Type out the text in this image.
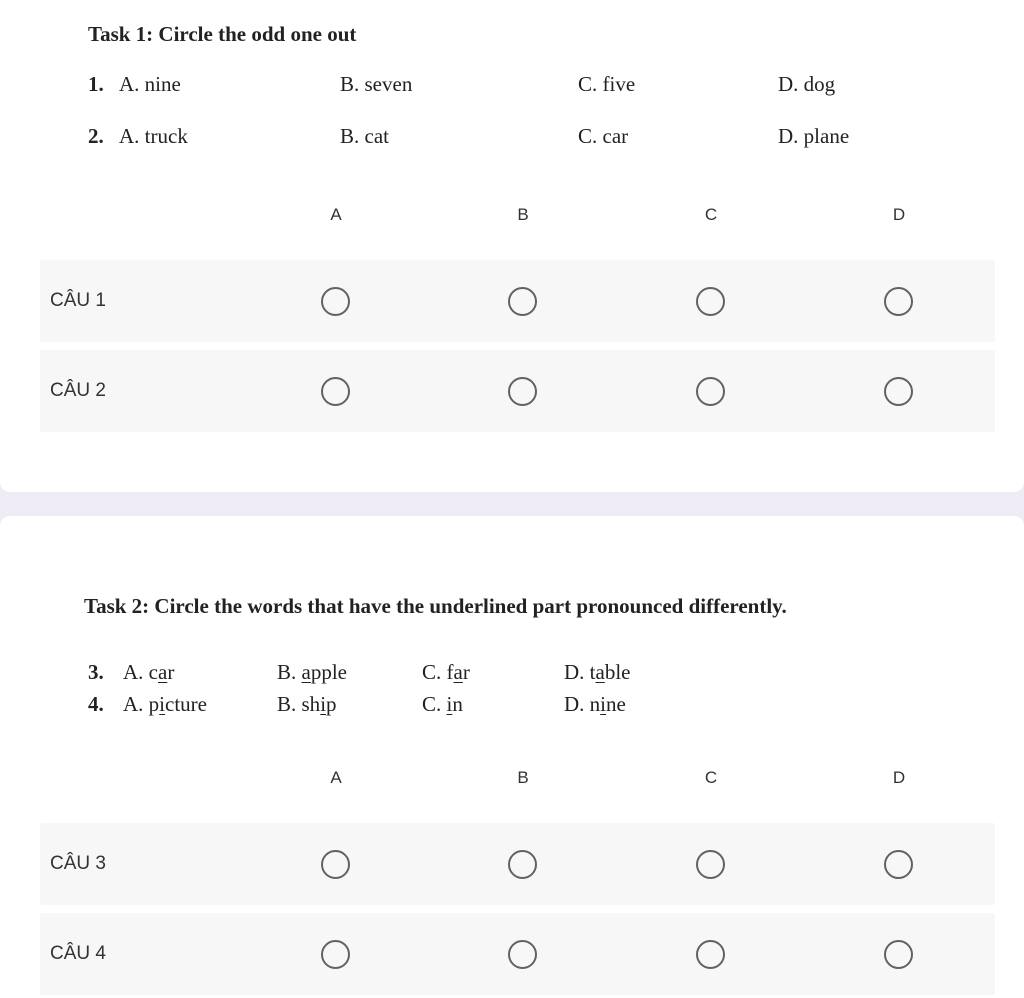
Task 1: Circle the odd one out
1. A. nine	B. seven	C. five	D. dog
2. A. truck	B. cat	C. car	D. plane
A	B	C	D
CÂU 1
CÂU 2
Task 2: Circle the words that have the underlined part pronounced differently.
3. A. car	B. apple	C. far	D. table
4. A. picture	B. ship	C. in	D. nine
A	B	C	D
CÂU 3
CÂU 4
